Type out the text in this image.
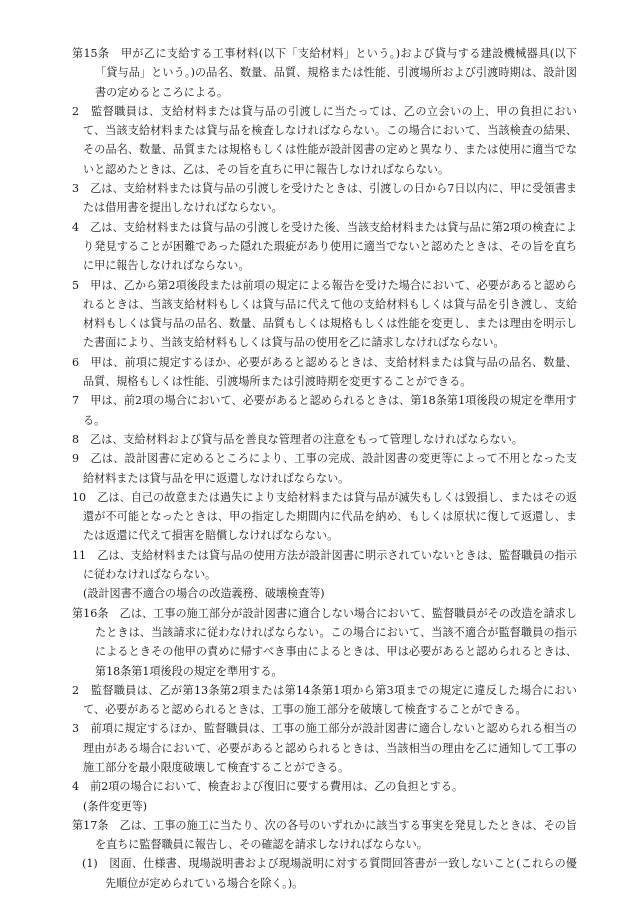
第15条　甲が乙に支給する工事材料(以下「支給材料」という。)および貸与する建設機械器具(以下「貸与品」という。)の品名、数量、品質、規格または性能、引渡場所および引渡時期は、設計図書の定めるところによる。

2　監督職員は、支給材料または貸与品の引渡しに当たっては、乙の立会いの上、甲の負担において、当該支給材料または貸与品を検査しなければならない。この場合において、当該検査の結果、その品名、数量、品質または規格もしくは性能が設計図書の定めと異なり、または使用に適当でないと認めたときは、乙は、その旨を直ちに甲に報告しなければならない。

3　乙は、支給材料または貸与品の引渡しを受けたときは、引渡しの日から7日以内に、甲に受領書または借用書を提出しなければならない。

4　乙は、支給材料または貸与品の引渡しを受けた後、当該支給材料または貸与品に第2項の検査により発見することが困難であった隠れた瑕疵があり使用に適当でないと認めたときは、その旨を直ちに甲に報告しなければならない。

5　甲は、乙から第2項後段または前項の規定による報告を受けた場合において、必要があると認められるときは、当該支給材料もしくは貸与品に代えて他の支給材料もしくは貸与品を引き渡し、支給材料もしくは貸与品の品名、数量、品質もしくは規格もしくは性能を変更し、または理由を明示した書面により、当該支給材料もしくは貸与品の使用を乙に請求しなければならない。

6　甲は、前項に規定するほか、必要があると認めるときは、支給材料または貸与品の品名、数量、品質、規格もしくは性能、引渡場所または引渡時期を変更することができる。

7　甲は、前2項の場合において、必要があると認められるときは、第18条第1項後段の規定を準用する。

8　乙は、支給材料および貸与品を善良な管理者の注意をもって管理しなければならない。

9　乙は、設計図書に定めるところにより、工事の完成、設計図書の変更等によって不用となった支給材料または貸与品を甲に返還しなければならない。

10　乙は、自己の故意または過失により支給材料または貸与品が滅失もしくは毀損し、またはその返還が不可能となったときは、甲の指定した期間内に代品を納め、もしくは原状に復して返還し、または返還に代えて損害を賠償しなければならない。

11　乙は、支給材料または貸与品の使用方法が設計図書に明示されていないときは、監督職員の指示に従わなければならない。

(設計図書不適合の場合の改造義務、破壊検査等)

第16条　乙は、工事の施工部分が設計図書に適合しない場合において、監督職員がその改造を請求したときは、当該請求に従わなければならない。この場合において、当該不適合が監督職員の指示によるときその他甲の責めに帰すべき事由によるときは、甲は必要があると認められるときは、第18条第1項後段の規定を準用する。

2　監督職員は、乙が第13条第2項または第14条第1項から第3項までの規定に違反した場合において、必要があると認められるときは、工事の施工部分を破壊して検査することができる。

3　前項に規定するほか、監督職員は、工事の施工部分が設計図書に適合しないと認められる相当の理由がある場合において、必要があると認められるときは、当該相当の理由を乙に通知して工事の施工部分を最小限度破壊して検査することができる。

4　前2項の場合において、検査および復旧に要する費用は、乙の負担とする。

(条件変更等)

第17条　乙は、工事の施工に当たり、次の各号のいずれかに該当する事実を発見したときは、その旨を直ちに監督職員に報告し、その確認を請求しなければならない。

(1)　図面、仕様書、現場説明書および現場説明に対する質問回答書が一致しないこと(これらの優先順位が定められている場合を除く。)。
